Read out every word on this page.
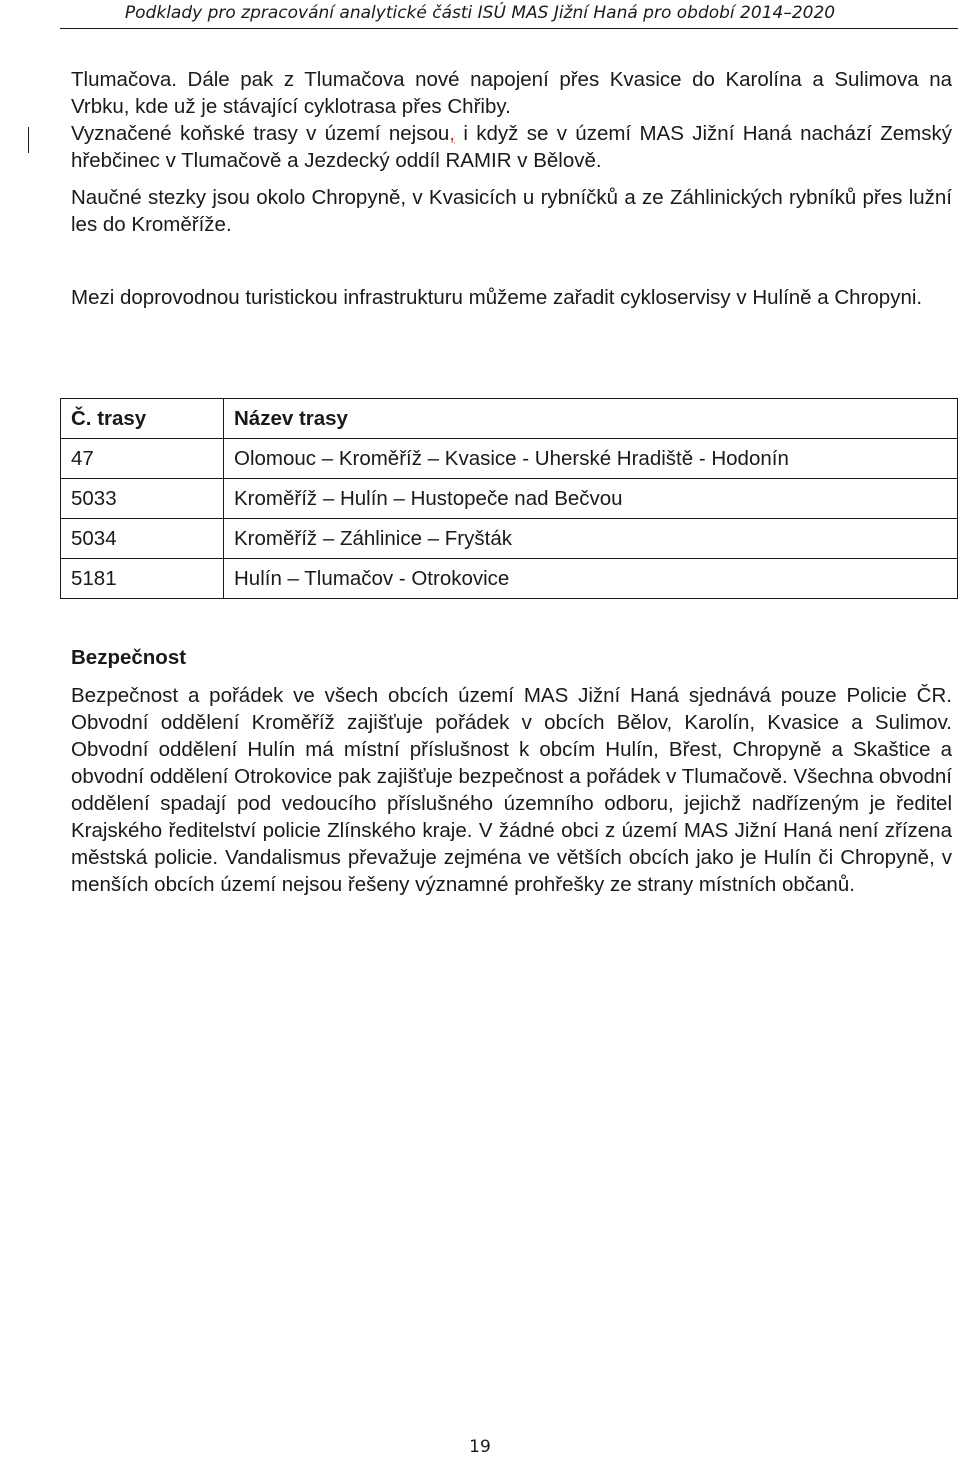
Podklady pro zpracování analytické části ISÚ MAS Jižní Haná pro období 2014–2020

Tlumačova. Dále pak z Tlumačova nové napojení přes Kvasice do Karolína a Sulimova na Vrbku, kde už je stávající cyklotrasa přes Chřiby.

Vyznačené koňské trasy v území nejsou, i když se v území MAS Jižní Haná nachází Zemský hřebčinec v Tlumačově a Jezdecký oddíl RAMIR v Bělově.

Naučné stezky jsou okolo Chropyně, v Kvasicích u rybníčků a ze Záhlinických rybníků přes lužní les do Kroměříže.

Mezi doprovodnou turistickou infrastrukturu můžeme zařadit cykloservisy v Hulíně a Chropyni.

Č. trasy	Název trasy
47	Olomouc – Kroměříž – Kvasice - Uherské Hradiště - Hodonín
5033	Kroměříž – Hulín – Hustopeče nad Bečvou
5034	Kroměříž – Záhlinice – Fryšták
5181	Hulín – Tlumačov - Otrokovice
Bezpečnost

Bezpečnost a pořádek ve všech obcích území MAS Jižní Haná sjednává pouze Policie ČR. Obvodní oddělení Kroměříž zajišťuje pořádek v obcích Bělov, Karolín, Kvasice a Sulimov. Obvodní oddělení Hulín má místní příslušnost k obcím Hulín, Břest, Chropyně a Skaštice a obvodní oddělení Otrokovice pak zajišťuje bezpečnost a pořádek v Tlumačově. Všechna obvodní oddělení spadají pod vedoucího příslušného územního odboru, jejichž nadřízeným je ředitel Krajského ředitelství policie Zlínského kraje. V žádné obci z území MAS Jižní Haná není zřízena městská policie. Vandalismus převažuje zejména ve větších obcích jako je Hulín či Chropyně, v menších obcích území nejsou řešeny významné prohřešky ze strany místních občanů.

19
